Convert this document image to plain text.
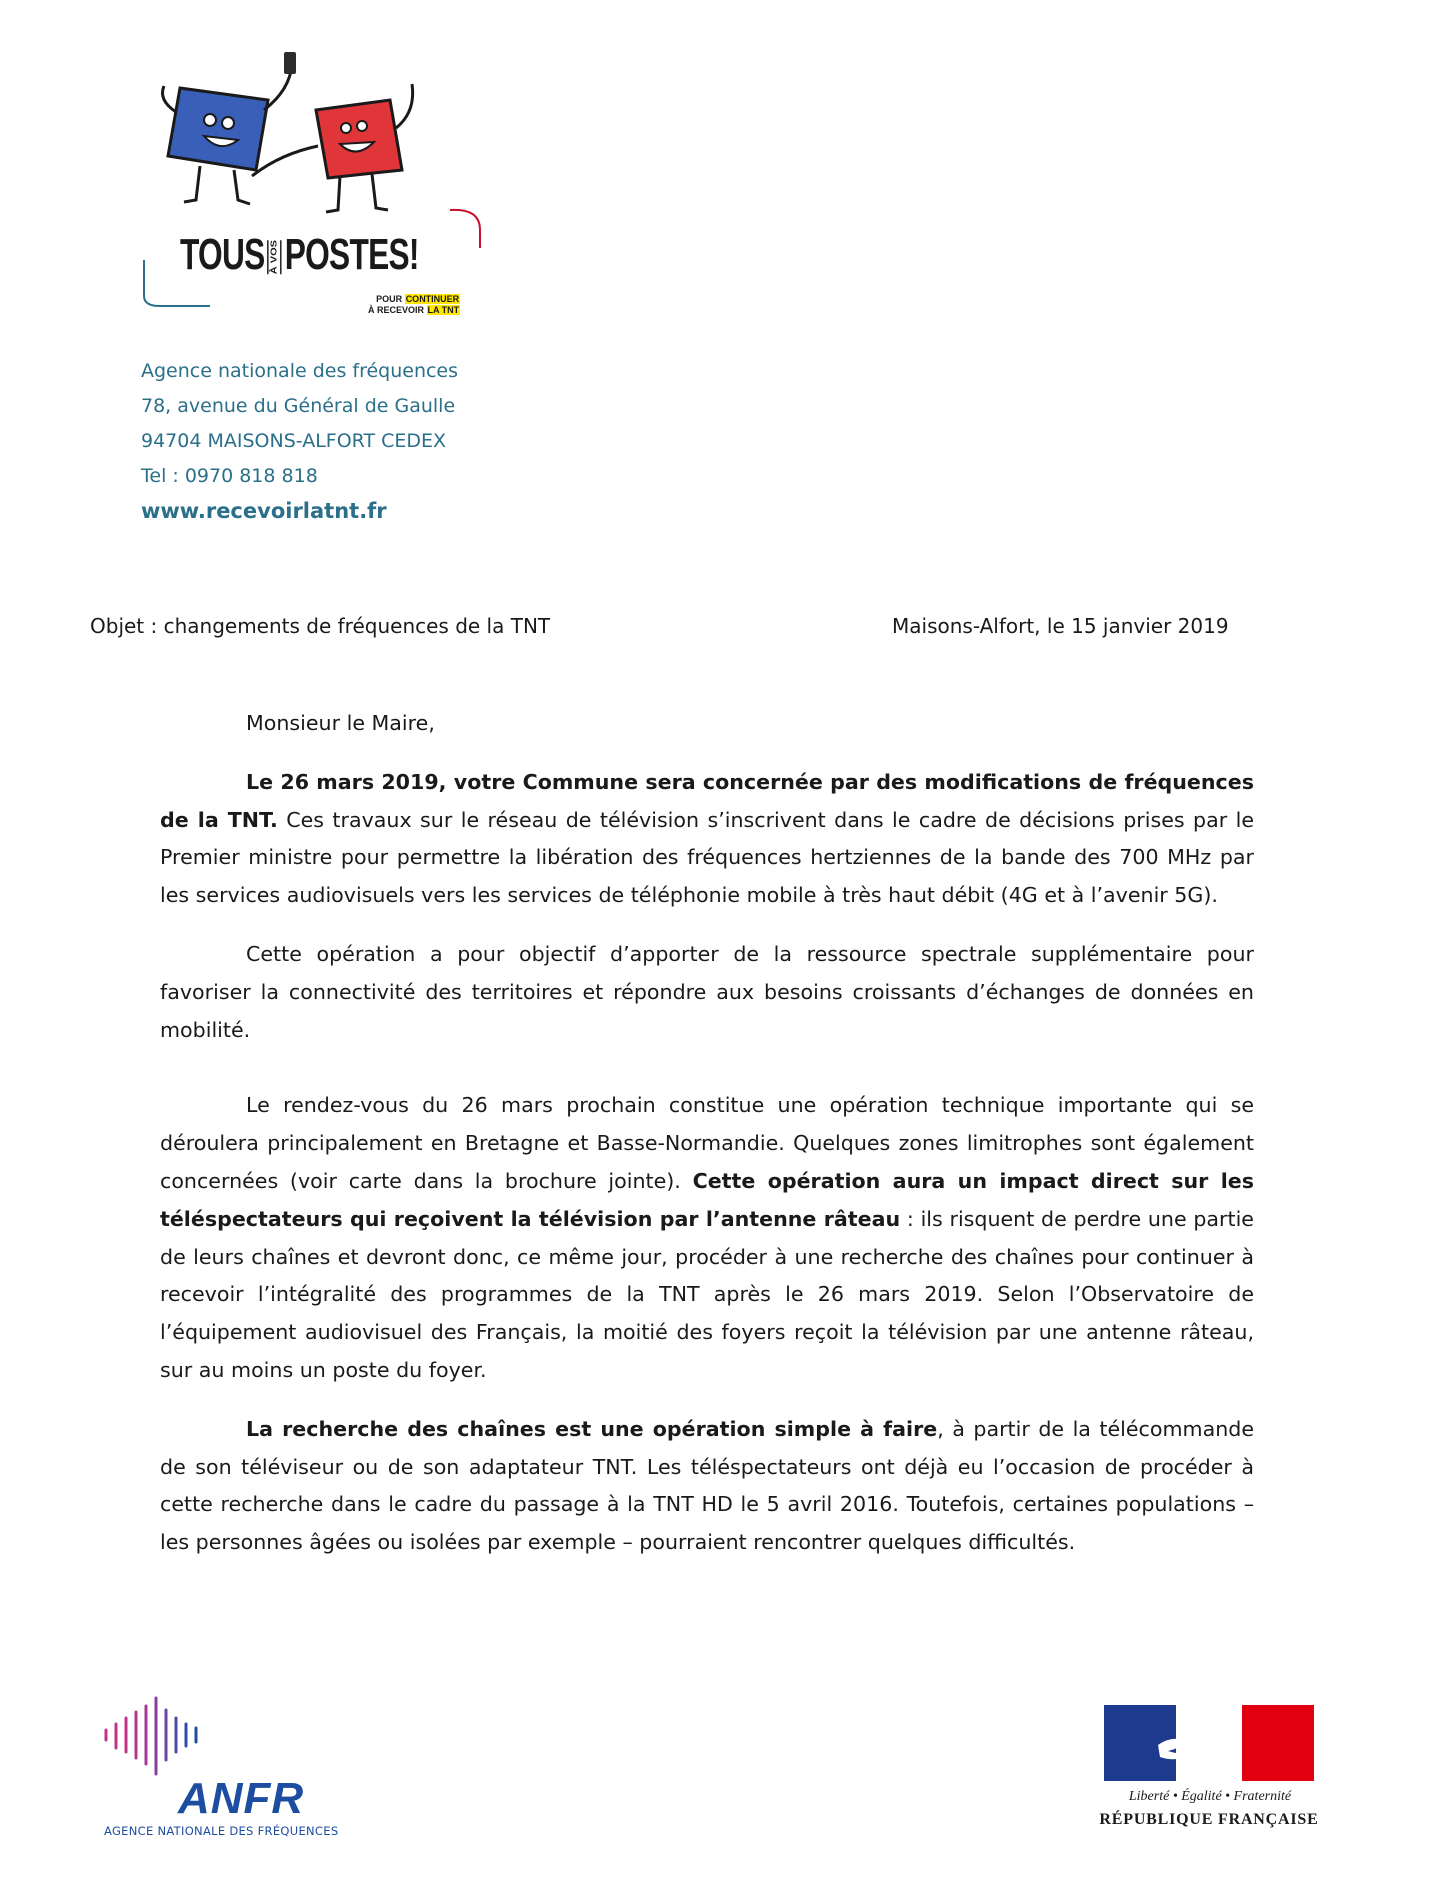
TOUS À VOS POSTES!
POUR CONTINUER
À RECEVOIR LA TNT
Agence nationale des fréquences
78, avenue du Général de Gaulle
94704 MAISONS-ALFORT CEDEX
Tel : 0970 818 818
www.recevoirlatnt.fr
Objet : changements de fréquences de la TNT	Maisons-Alfort, le 15 janvier 2019

Monsieur le Maire,

Le 26 mars 2019, votre Commune sera concernée par des modifications de fréquences de la TNT. Ces travaux sur le réseau de télévision s’inscrivent dans le cadre de décisions prises par le Premier ministre pour permettre la libération des fréquences hertziennes de la bande des 700 MHz par les services audiovisuels vers les services de téléphonie mobile à très haut débit (4G et à l’avenir 5G).

Cette opération a pour objectif d’apporter de la ressource spectrale supplémentaire pour favoriser la connectivité des territoires et répondre aux besoins croissants d’échanges de données en mobilité.

Le rendez-vous du 26 mars prochain constitue une opération technique importante qui se déroulera principalement en Bretagne et Basse-Normandie. Quelques zones limitrophes sont également concernées (voir carte dans la brochure jointe). Cette opération aura un impact direct sur les téléspectateurs qui reçoivent la télévision par l’antenne râteau : ils risquent de perdre une partie de leurs chaînes et devront donc, ce même jour, procéder à une recherche des chaînes pour continuer à recevoir l’intégralité des programmes de la TNT après le 26 mars 2019. Selon l’Observatoire de l’équipement audiovisuel des Français, la moitié des foyers reçoit la télévision par une antenne râteau, sur au moins un poste du foyer.

La recherche des chaînes est une opération simple à faire, à partir de la télécommande de son téléviseur ou de son adaptateur TNT. Les téléspectateurs ont déjà eu l’occasion de procéder à cette recherche dans le cadre du passage à la TNT HD le 5 avril 2016. Toutefois, certaines populations – les personnes âgées ou isolées par exemple – pourraient rencontrer quelques difficultés.

ANFR
AGENCE NATIONALE DES FRÉQUENCES
Liberté • Égalité • Fraternité
RÉPUBLIQUE FRANÇAISE
